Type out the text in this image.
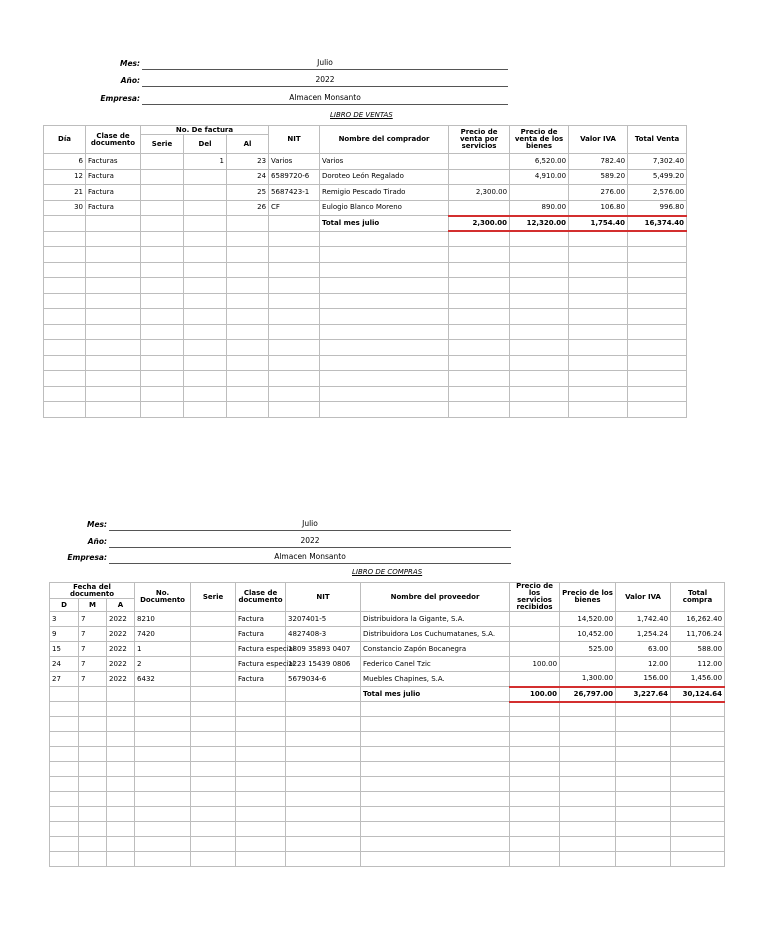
Mes:	Julio
Año:	2022
Empresa:	Almacen Monsanto
LIBRO DE VENTAS
Día	Clase de documento	No. De factura			NIT	Nombre del comprador	Precio de venta por servicios	Precio de venta de los bienes	Valor IVA	Total Venta
		Serie	Del	Al						
6	Facturas		1	23	Varios	Varios		6,520.00	782.40	7,302.40
12	Factura			24	6589720-6	Doroteo León Regalado		4,910.00	589.20	5,499.20
21	Factura			25	5687423-1	Remigio Pescado Tirado	2,300.00		276.00	2,576.00
30	Factura			26	CF	Eulogio Blanco Moreno		890.00	106.80	996.80
						Total mes julio	2,300.00	12,320.00	1,754.40	16,374.40

Mes:	Julio
Año:	2022
Empresa:	Almacen Monsanto
LIBRO DE COMPRAS
Fecha del documento			No. Documento	Serie	Clase de documento	NIT	Nombre del proveedor	Precio de los servicios recibidos	Precio de los bienes	Valor IVA	Total compra
D	M	A									
3	7	2022	8210		Factura	3207401-5	Distribuidora la Gigante, S.A.		14,520.00	1,742.40	16,262.40
9	7	2022	7420		Factura	4827408-3	Distribuidora Los Cuchumatanes, S.A.		10,452.00	1,254.24	11,706.24
15	7	2022	1		Factura especial	1809 35893 0407	Constancio Zapón Bocanegra		525.00	63.00	588.00
24	7	2022	2		Factura especial	1223 15439 0806	Federico Canel Tzic	100.00		12.00	112.00
27	7	2022	6432		Factura	5679034-6	Muebles Chapines, S.A.		1,300.00	156.00	1,456.00
							Total mes julio	100.00	26,797.00	3,227.64	30,124.64
